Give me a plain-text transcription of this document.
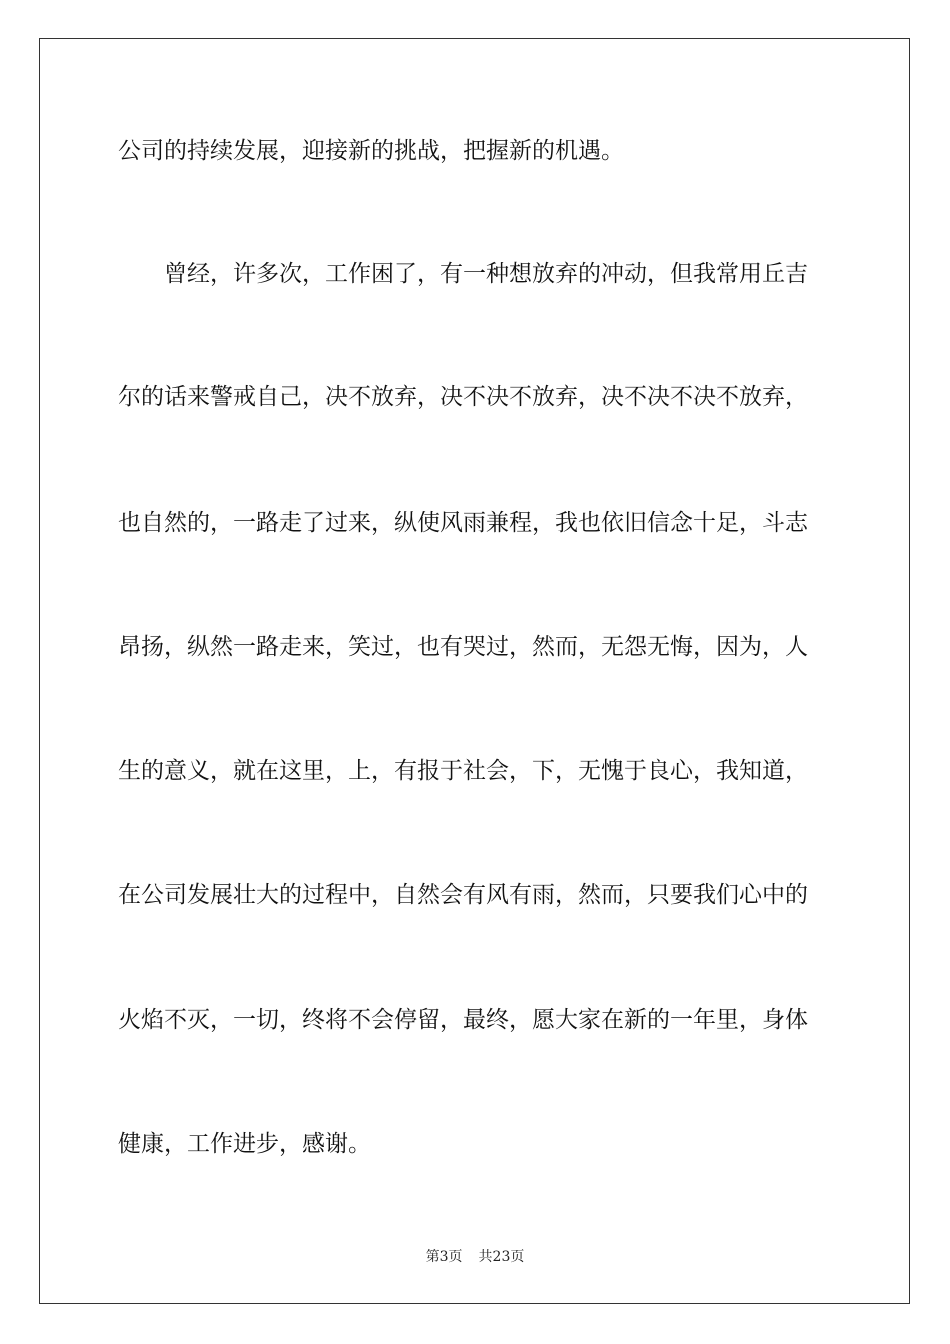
公司的持续发展，迎接新的挑战，把握新的机遇。
曾经，许多次，工作困了，有一种想放弃的冲动，但我常用丘吉
尔的话来警戒自己，决不放弃，决不决不放弃，决不决不决不放弃，
也自然的，一路走了过来，纵使风雨兼程，我也依旧信念十足，斗志
昂扬，纵然一路走来，笑过，也有哭过，然而，无怨无悔，因为，人
生的意义，就在这里，上，有报于社会，下，无愧于良心，我知道，
在公司发展壮大的过程中，自然会有风有雨，然而，只要我们心中的
火焰不灭，一切，终将不会停留，最终，愿大家在新的一年里，身体
健康，工作进步，感谢。
第3页 共23页
